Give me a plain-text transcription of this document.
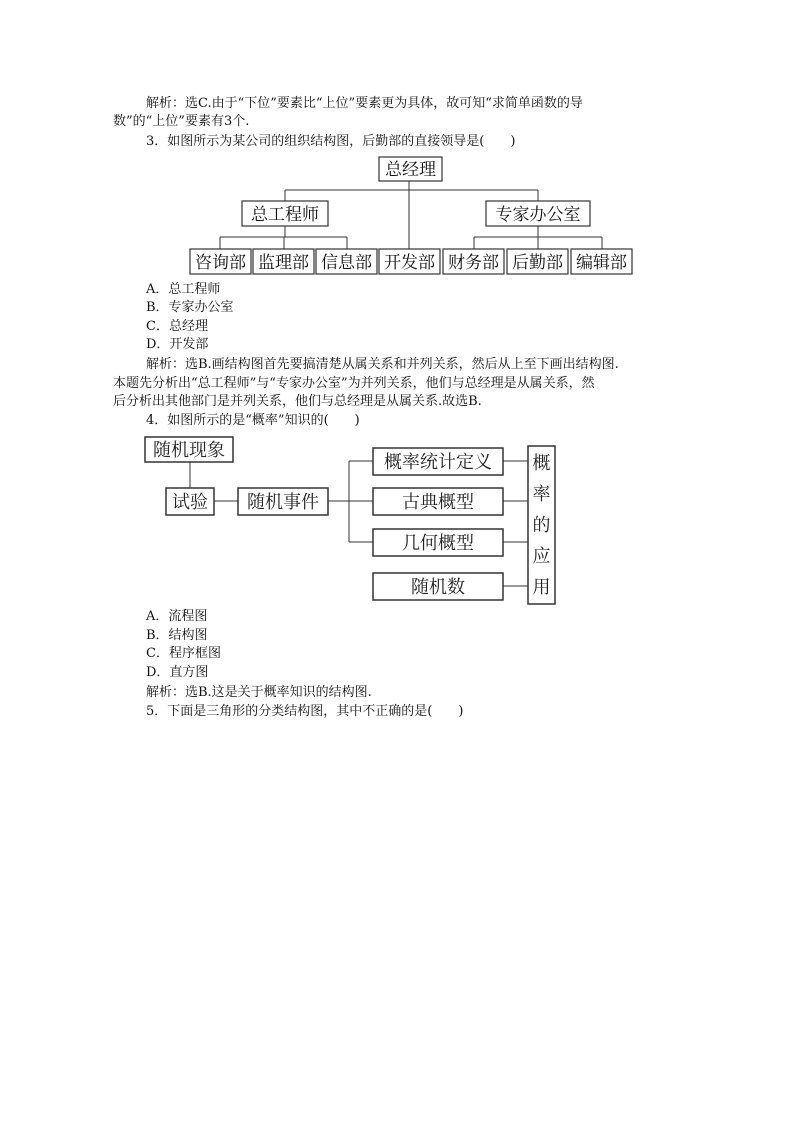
解析：选C.由于“下位”要素比“上位”要素更为具体，故可知“求简单函数的导
数”的“上位”要素有3个.
3．如图所示为某公司的组织结构图，后勤部的直接领导是(　　)
总经理
总工程师	专家办公室
咨询部 监理部 信息部 开发部 财务部 后勤部 编辑部
随机现象
试验 随机事件
概率统计定义
古典概型
几何概型
随机数
概
率
的
应
用
A．总工程师
B．专家办公室
C．总经理
D．开发部
解析：选B.画结构图首先要搞清楚从属关系和并列关系，然后从上至下画出结构图.
本题先分析出“总工程师”与“专家办公室”为并列关系，他们与总经理是从属关系，然
后分析出其他部门是并列关系，他们与总经理是从属关系.故选B.
4．如图所示的是“概率”知识的(　　)
A．流程图
B．结构图
C．程序框图
D．直方图
解析：选B.这是关于概率知识的结构图.
5．下面是三角形的分类结构图，其中不正确的是(　　)
